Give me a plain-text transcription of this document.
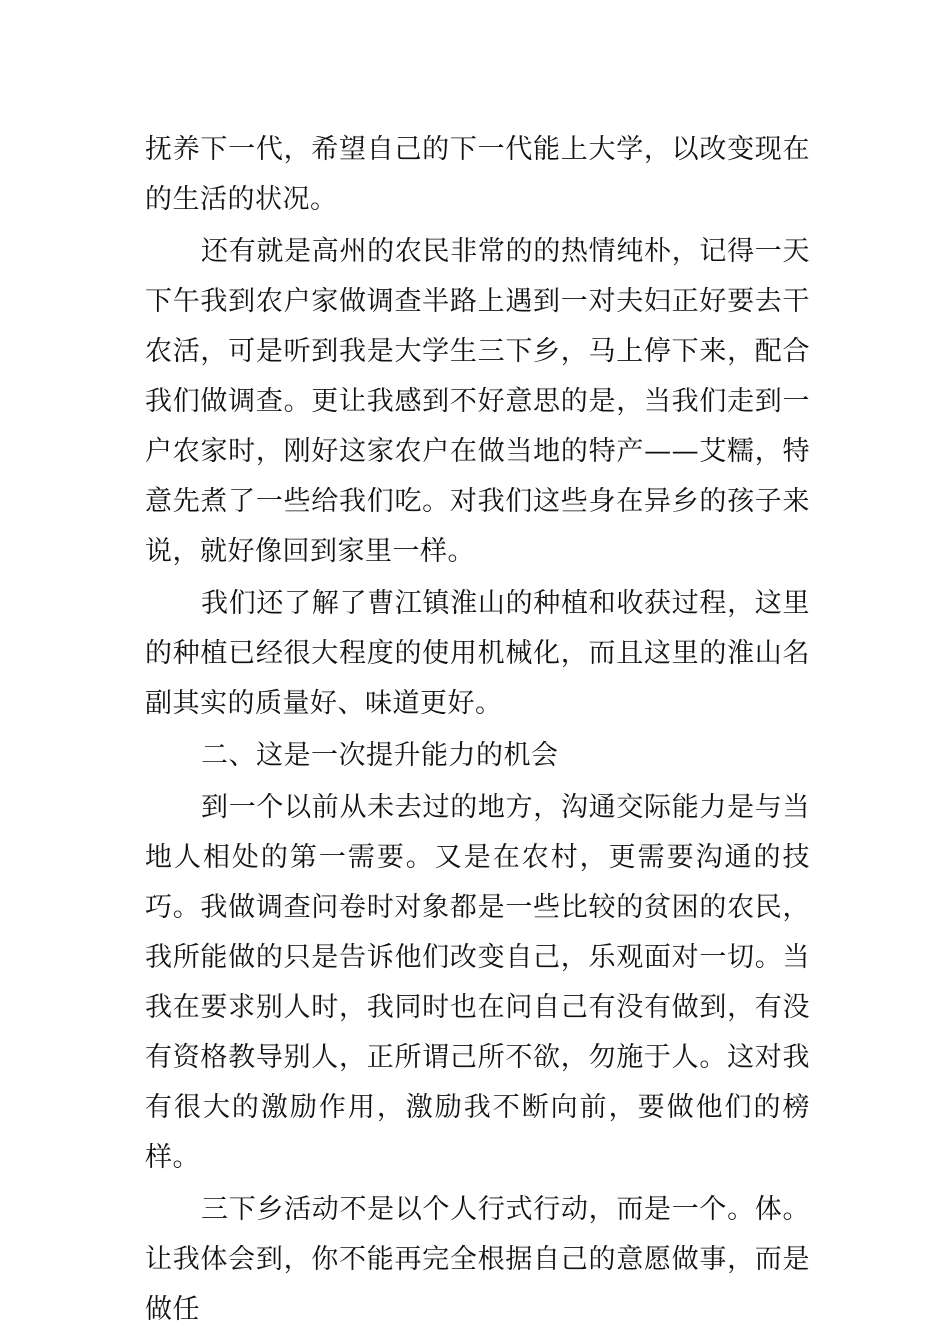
抚养下一代，希望自己的下一代能上大学，以改变现在的生活的状况。

还有就是高州的农民非常的的热情纯朴，记得一天下午我到农户家做调查半路上遇到一对夫妇正好要去干农活，可是听到我是大学生三下乡，马上停下来，配合我们做调查。更让我感到不好意思的是，当我们走到一户农家时，刚好这家农户在做当地的特产——艾糯，特意先煮了一些给我们吃。对我们这些身在异乡的孩子来说，就好像回到家里一样。

我们还了解了曹江镇淮山的种植和收获过程，这里的种植已经很大程度的使用机械化，而且这里的淮山名副其实的质量好、味道更好。

二、这是一次提升能力的机会

到一个以前从未去过的地方，沟通交际能力是与当地人相处的第一需要。又是在农村，更需要沟通的技巧。我做调查问卷时对象都是一些比较的贫困的农民，我所能做的只是告诉他们改变自己，乐观面对一切。当我在要求别人时，我同时也在问自己有没有做到，有没有资格教导别人，正所谓己所不欲，勿施于人。这对我有很大的激励作用，激励我不断向前，要做他们的榜样。

三下乡活动不是以个人行式行动，而是一个。体。让我体会到，你不能再完全根据自己的意愿做事，而是做任
